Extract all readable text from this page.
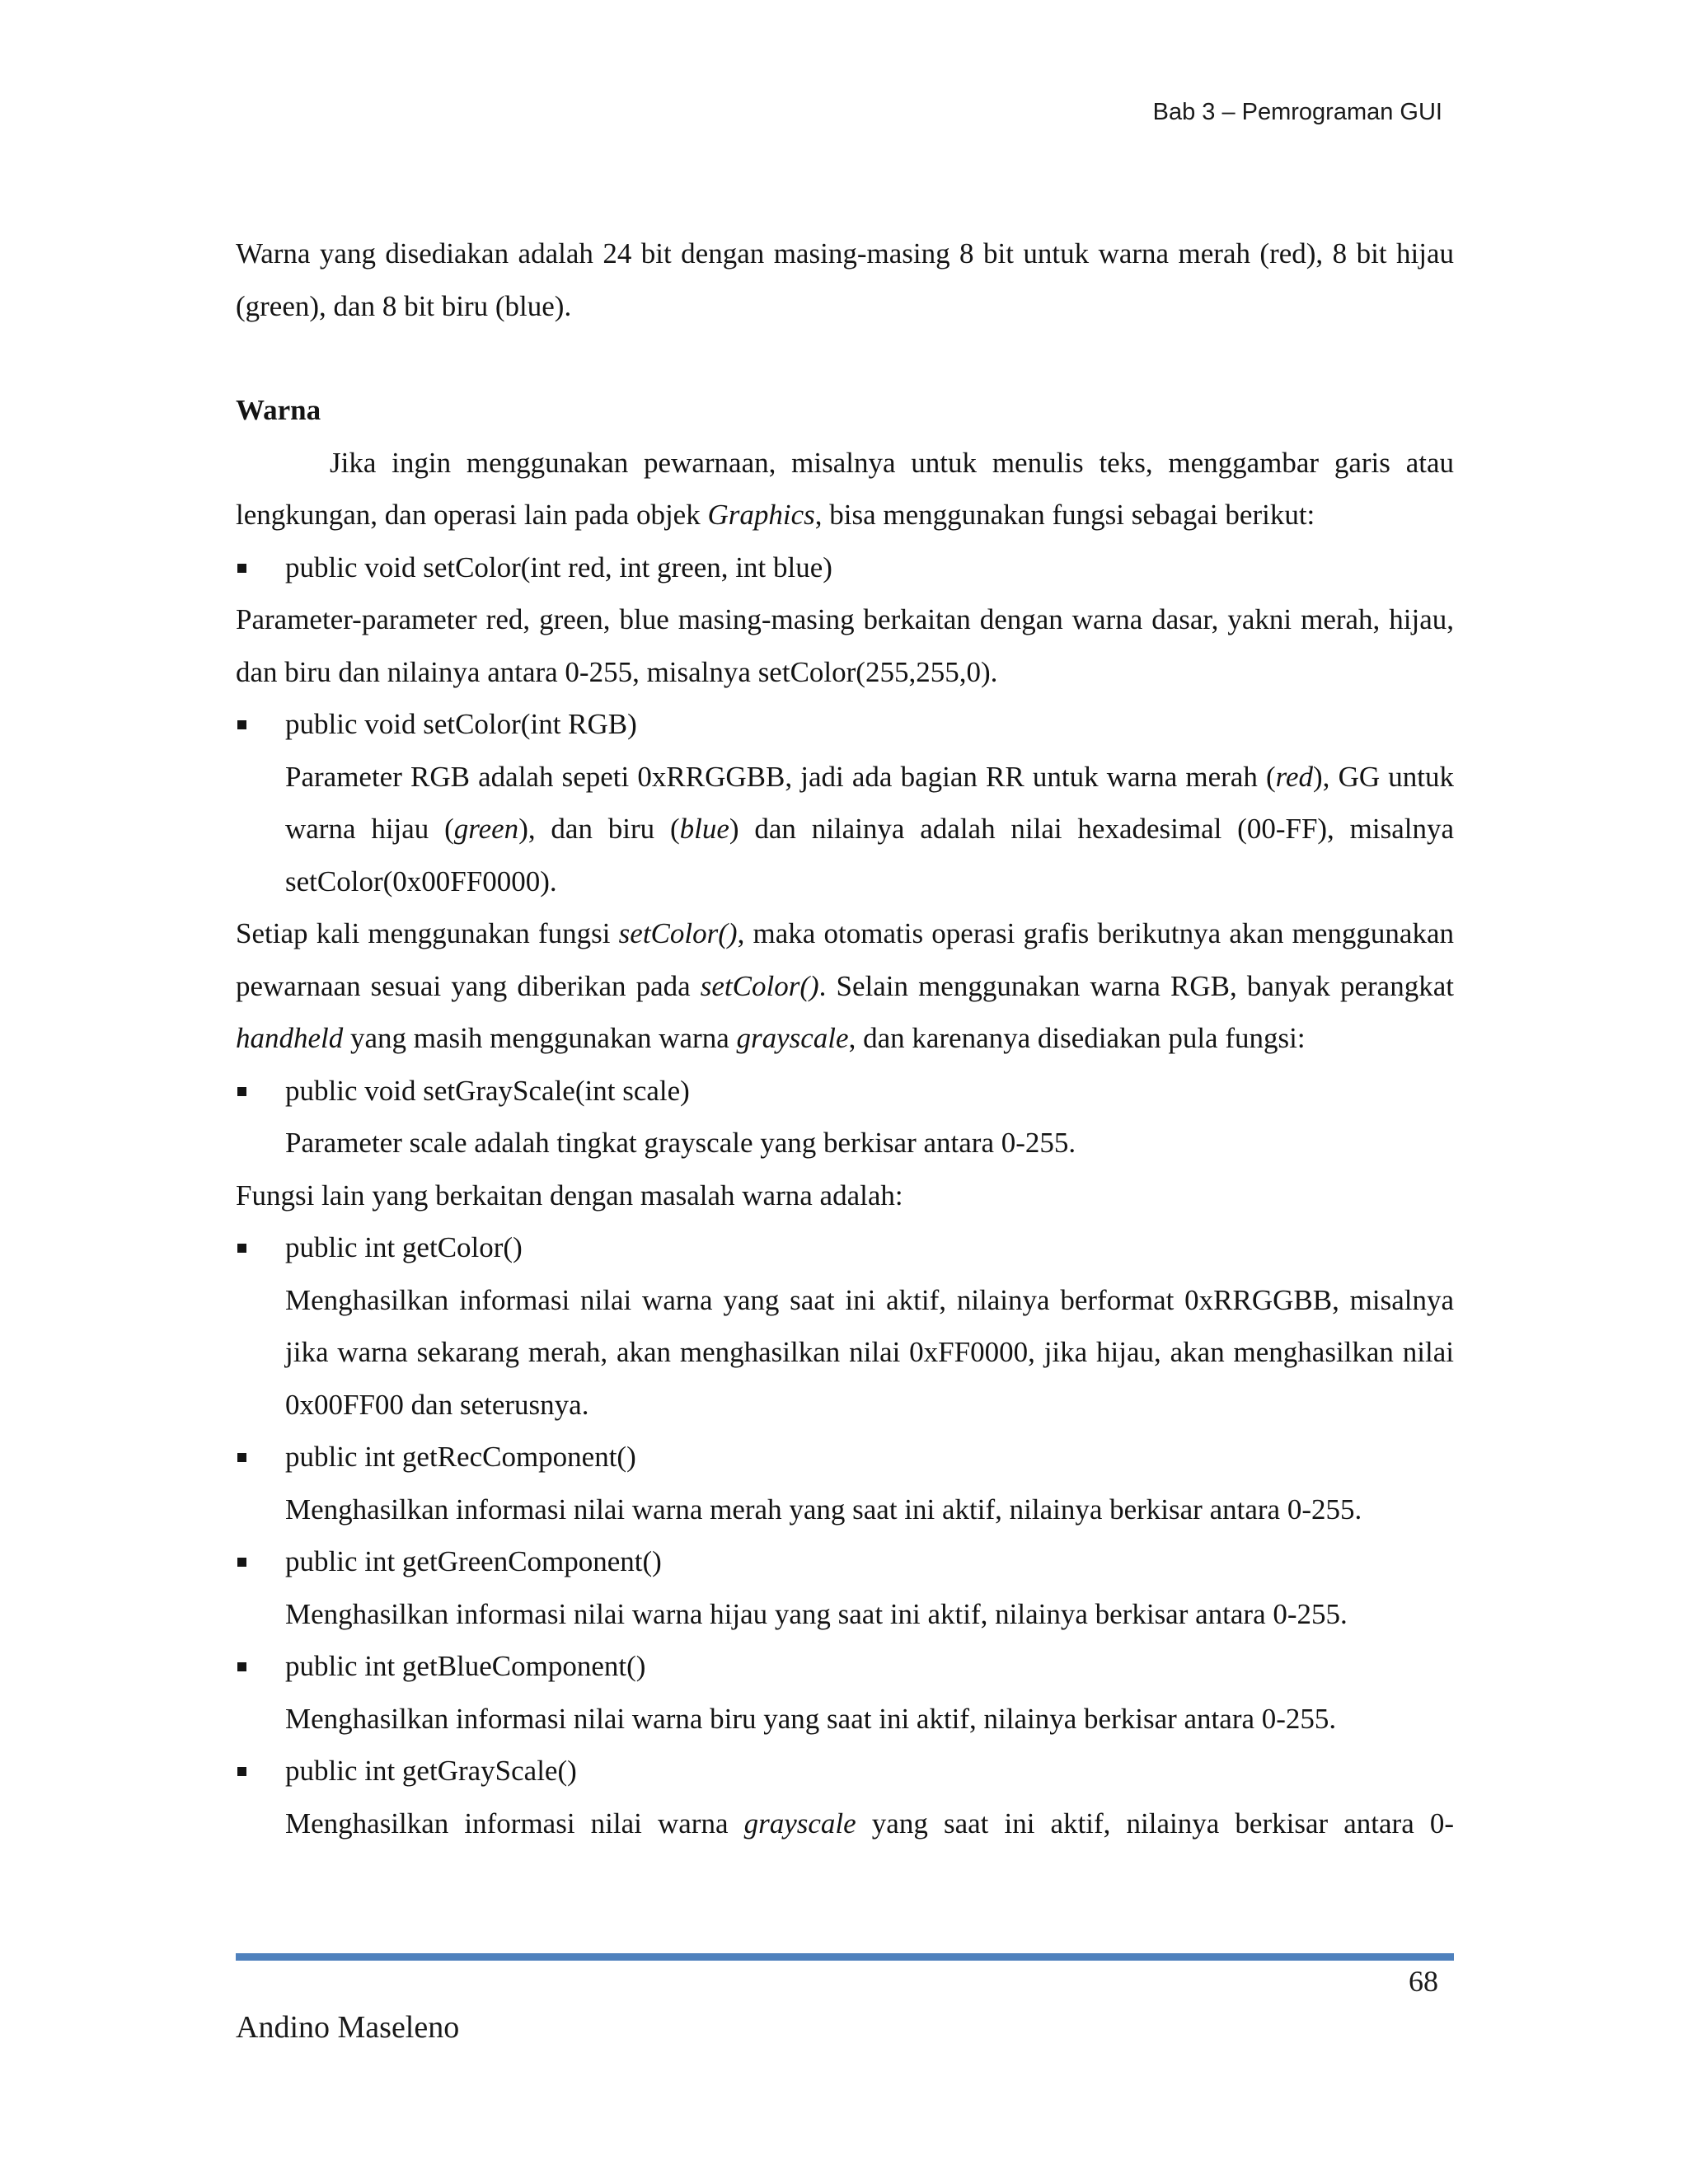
Bab 3 – Pemrograman GUI

Warna yang disediakan adalah 24 bit dengan masing-masing 8 bit untuk warna merah (red), 8 bit hijau (green), dan 8 bit biru (blue).

Warna

Jika ingin menggunakan pewarnaan, misalnya untuk menulis teks, menggambar garis atau lengkungan, dan operasi lain pada objek Graphics, bisa menggunakan fungsi sebagai berikut:

public void setColor(int red, int green, int blue)

Parameter-parameter red, green, blue masing-masing berkaitan dengan warna dasar, yakni merah, hijau, dan biru dan nilainya antara 0-255, misalnya setColor(255,255,0).

public void setColor(int RGB)

Parameter RGB adalah sepeti 0xRRGGBB, jadi ada bagian RR untuk warna merah (red), GG untuk warna hijau (green), dan biru (blue) dan nilainya adalah nilai hexadesimal (00-FF), misalnya setColor(0x00FF0000).

Setiap kali menggunakan fungsi setColor(), maka otomatis operasi grafis berikutnya akan menggunakan pewarnaan sesuai yang diberikan pada setColor(). Selain menggunakan warna RGB, banyak perangkat handheld yang masih menggunakan warna grayscale, dan karenanya disediakan pula fungsi:

public void setGrayScale(int scale)

Parameter scale adalah tingkat grayscale yang berkisar antara 0-255.

Fungsi lain yang berkaitan dengan masalah warna adalah:

public int getColor()

Menghasilkan informasi nilai warna yang saat ini aktif, nilainya berformat 0xRRGGBB, misalnya jika warna sekarang merah, akan menghasilkan nilai 0xFF0000, jika hijau, akan menghasilkan nilai 0x00FF00 dan seterusnya.

public int getRecComponent()

Menghasilkan informasi nilai warna merah yang saat ini aktif, nilainya berkisar antara 0-255.

public int getGreenComponent()

Menghasilkan informasi nilai warna hijau yang saat ini aktif, nilainya berkisar antara 0-255.

public int getBlueComponent()

Menghasilkan informasi nilai warna biru yang saat ini aktif, nilainya berkisar antara 0-255.

public int getGrayScale()

Menghasilkan informasi nilai warna grayscale yang saat ini aktif, nilainya berkisar antara 0-

68
Andino Maseleno
